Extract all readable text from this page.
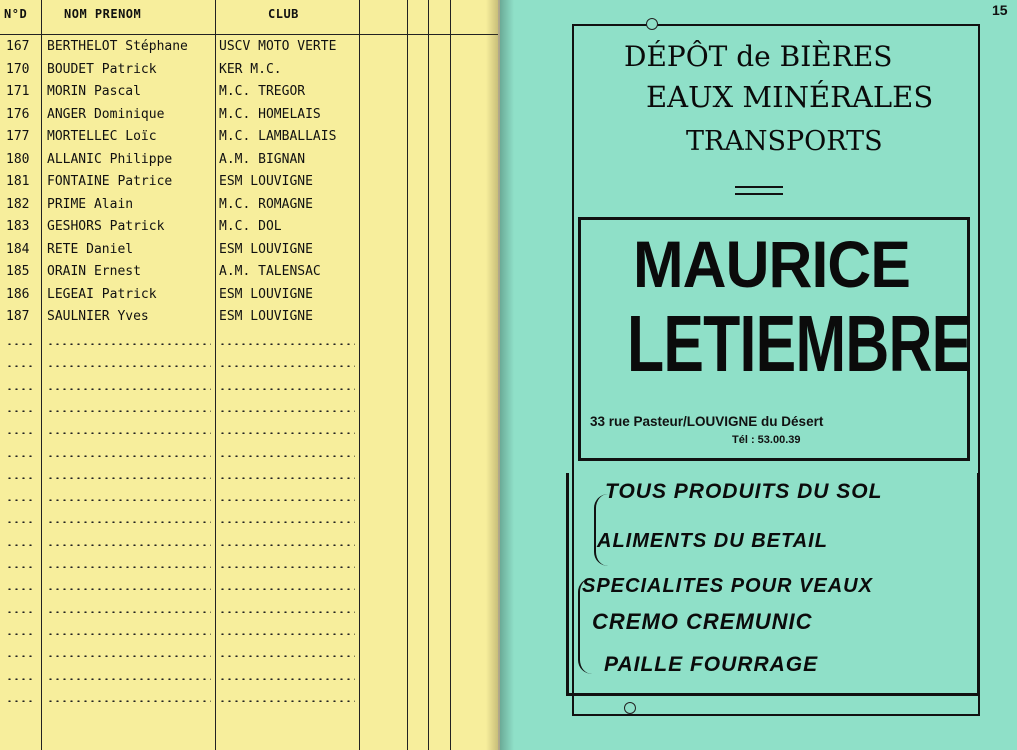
N°D	NOM PRENOM	CLUB
167	BERTHELOT Stéphane	USCV MOTO VERTE
170	BOUDET Patrick	KER M.C.
171	MORIN Pascal	M.C. TREGOR
176	ANGER Dominique	M.C. HOMELAIS
177	MORTELLEC Loïc	M.C. LAMBALLAIS
180	ALLANIC Philippe	A.M. BIGNAN
181	FONTAINE Patrice	ESM LOUVIGNE
182	PRIME Alain	M.C. ROMAGNE
183	GESHORS Patrick	M.C. DOL
184	RETE Daniel	ESM LOUVIGNE
185	ORAIN Ernest	A.M. TALENSAC
186	LEGEAI Patrick	ESM LOUVIGNE
187	SAULNIER Yves	ESM LOUVIGNE
15
DÉPÔT de BIÈRES
EAUX MINÉRALES
TRANSPORTS
MAURICE
LETIEMBRE
33 rue Pasteur/LOUVIGNE du Désert
Tél : 53.00.39
TOUS PRODUITS DU SOL
ALIMENTS DU BETAIL
SPECIALITES POUR VEAUX
CREMO CREMUNIC
PAILLE FOURRAGE
